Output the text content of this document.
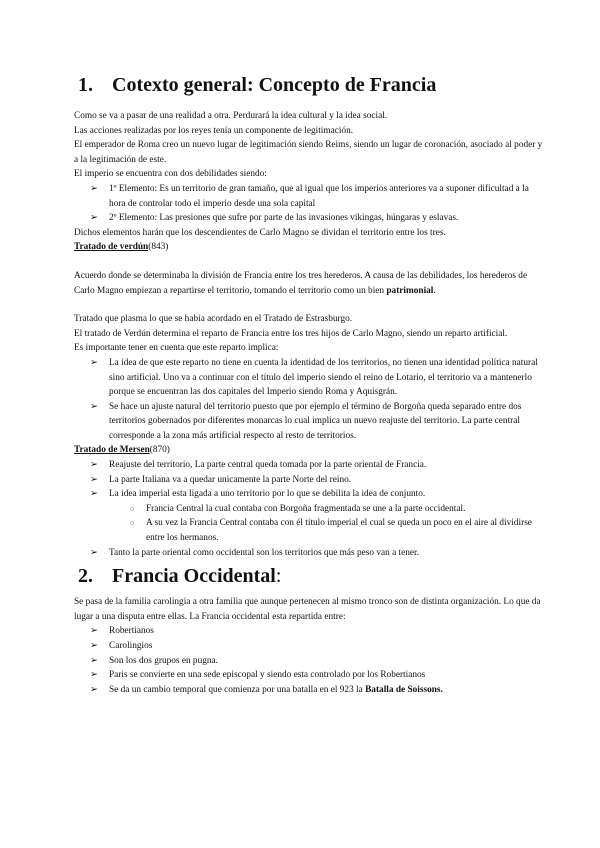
1. Cotexto general: Concepto de Francia

Como se va a pasar de una realidad a otra. Perdurará la idea cultural y la idea social.

Las acciones realizadas por los reyes tenía un componente de legitimación.

El emperador de Roma creo un nuevo lugar de legitimación siendo Reims, siendo un lugar de coronación, asociado al poder y a la legitimación de este.

El imperio se encuentra con dos debilidades siendo:

➢	1º Elemento: Es un territorio de gran tamaño, que al igual que los imperios anteriores va a suponer dificultad a la hora de controlar todo el imperio desde una sola capital
➢	2º Elemento: Las presiones que sufre por parte de las invasiones vikingas, húngaras y eslavas.

Dichos elementos harán que los descendientes de Carlo Magno se dividan el territorio entre los tres.

Tratado de verdún(843)

Acuerdo donde se determinaba la división de Francia entre los tres herederos. A causa de las debilidades, los herederos de Carlo Magno empiezan a repartirse el territorio, tomando el territorio como un bien patrimonial.

Tratado que plasma lo que se había acordado en el Tratado de Estrasburgo.

El tratado de Verdún determina el reparto de Francia entre los tres hijos de Carlo Magno, siendo un reparto artificial.

Es importante tener en cuenta que este reparto implica:

➢	La idea de que este reparto no tiene en cuenta la identidad de los territorios, no tienen una identidad política natural sino artificial. Uno va a continuar con el título del imperio siendo el reino de Lotario, el territorio va a mantenerlo porque se encuentran las dos capitales del Imperio siendo Roma y Aquisgrán.
➢	Se hace un ajuste natural del territorio puesto que por ejemplo el término de Borgoña queda separado entre dos territorios gobernados por diferentes monarcas lo cual implica un nuevo reajuste del territorio. La parte central corresponde a la zona más artificial respecto al resto de territorios.

Tratado de Mersen(870)

➢	Reajuste del territorio, La parte central queda tomada por la parte oriental de Francia.
➢	La parte Italiana va a quedar unicamente la parte Norte del reino.
➢	La idea imperial esta ligada a uno territorio por lo que se debilita la idea de conjunto.
○ Francia Central la cual contaba con Borgoña fragmentada se une a la parte occidental.
○ A su vez la Francia Central contaba con él título imperial el cual se queda un poco en el aire al dividirse entre los hermanos.
➢	Tanto la parte oriental como occidental son los territorios que más peso van a tener.
2. Francia Occidental:

Se pasa de la familia carolingia a otra familia que aunque pertenecen al mismo tronco son de distinta organización. Lo que da lugar a una disputa entre ellas. La Francia occidental esta repartida entre:

➢	Robertianos
➢	Carolingios
➢	Son los dos grupos en pugna.
➢	Paris se convierte en una sede episcopal y siendo esta controlado por los Robertianos
➢	Se da un cambio temporal que comienza por una batalla en el 923 la Batalla de Soissons.
